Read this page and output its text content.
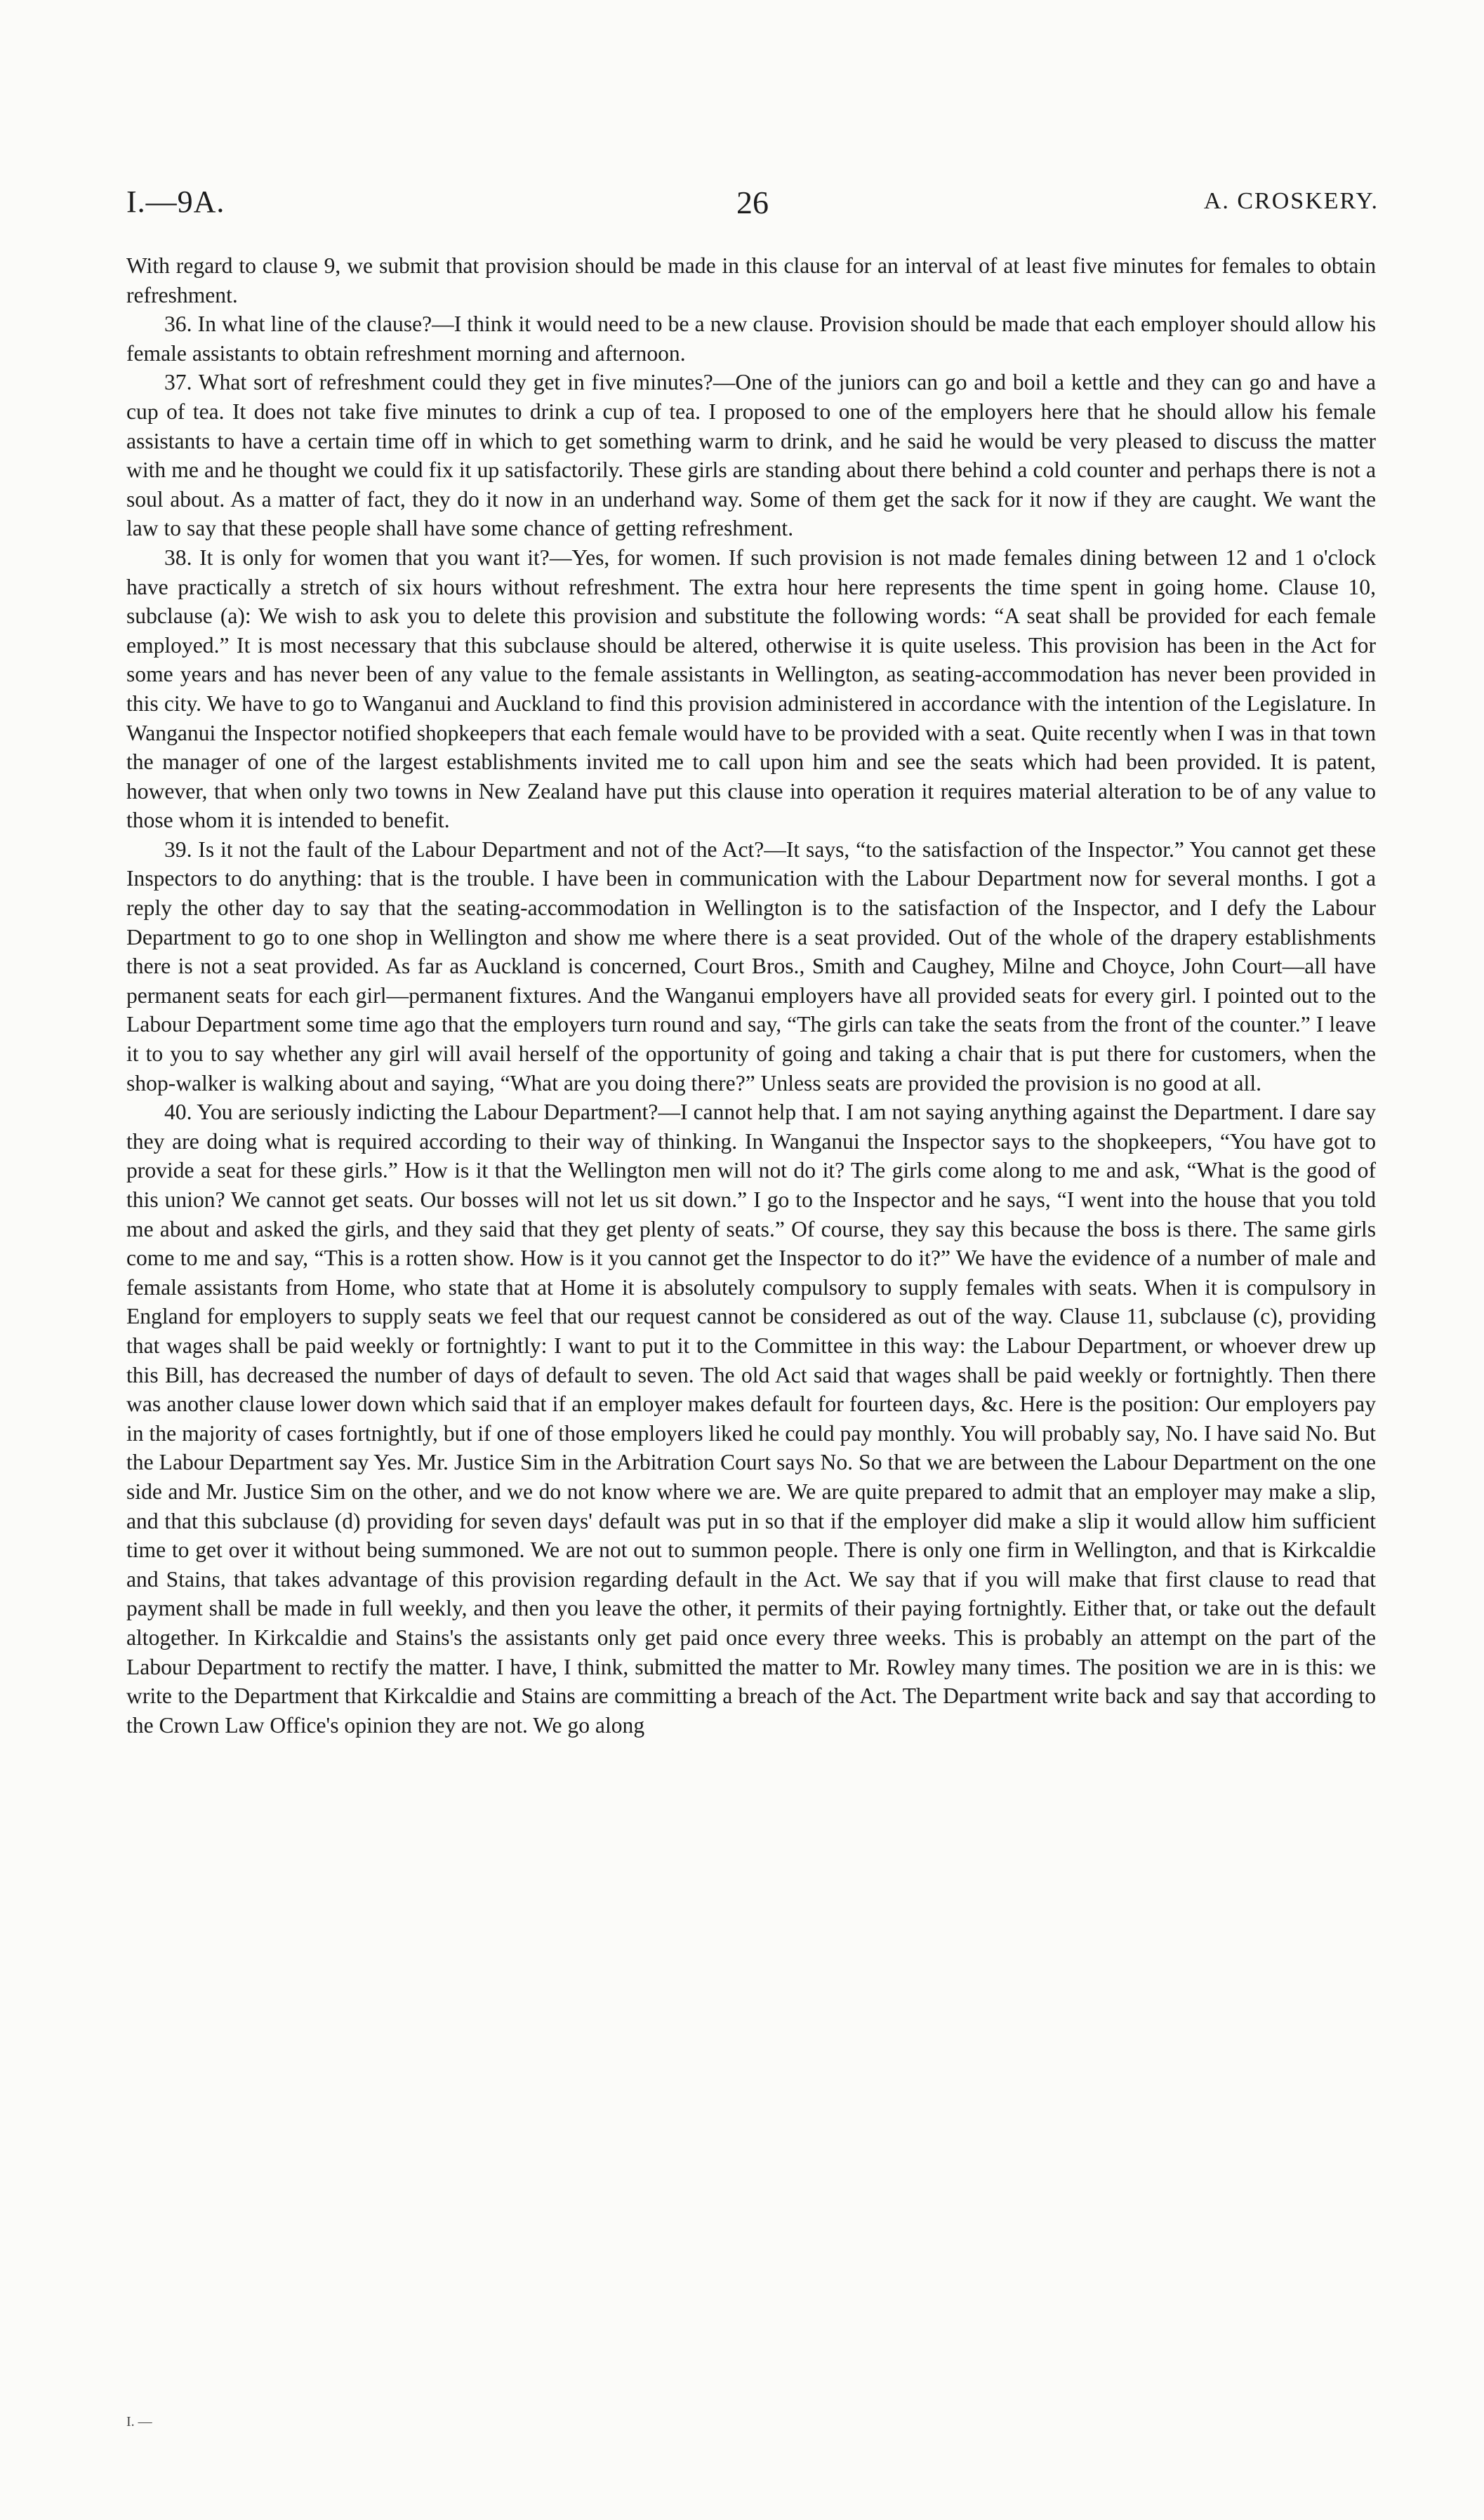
I.—9A.	26	A. CROSKERY.

With regard to clause 9, we submit that provision should be made in this clause for an interval of at least five minutes for females to obtain refreshment.

36. In what line of the clause?—I think it would need to be a new clause. Provision should be made that each employer should allow his female assistants to obtain refreshment morning and afternoon.

37. What sort of refreshment could they get in five minutes?—One of the juniors can go and boil a kettle and they can go and have a cup of tea. It does not take five minutes to drink a cup of tea. I proposed to one of the employers here that he should allow his female assistants to have a certain time off in which to get something warm to drink, and he said he would be very pleased to discuss the matter with me and he thought we could fix it up satisfactorily. These girls are standing about there behind a cold counter and perhaps there is not a soul about. As a matter of fact, they do it now in an underhand way. Some of them get the sack for it now if they are caught. We want the law to say that these people shall have some chance of getting refreshment.

38. It is only for women that you want it?—Yes, for women. If such provision is not made females dining between 12 and 1 o'clock have practically a stretch of six hours without refreshment. The extra hour here represents the time spent in going home. Clause 10, subclause (a): We wish to ask you to delete this provision and substitute the following words: “A seat shall be provided for each female employed.” It is most necessary that this subclause should be altered, otherwise it is quite useless. This provision has been in the Act for some years and has never been of any value to the female assistants in Wellington, as seating-accommodation has never been provided in this city. We have to go to Wanganui and Auckland to find this provision administered in accordance with the intention of the Legislature. In Wanganui the Inspector notified shopkeepers that each female would have to be provided with a seat. Quite recently when I was in that town the manager of one of the largest establishments invited me to call upon him and see the seats which had been provided. It is patent, however, that when only two towns in New Zealand have put this clause into operation it requires material alteration to be of any value to those whom it is intended to benefit.

39. Is it not the fault of the Labour Department and not of the Act?—It says, “to the satisfaction of the Inspector.” You cannot get these Inspectors to do anything: that is the trouble. I have been in communication with the Labour Department now for several months. I got a reply the other day to say that the seating-accommodation in Wellington is to the satisfaction of the Inspector, and I defy the Labour Department to go to one shop in Wellington and show me where there is a seat provided. Out of the whole of the drapery establishments there is not a seat provided. As far as Auckland is concerned, Court Bros., Smith and Caughey, Milne and Choyce, John Court—all have permanent seats for each girl—permanent fixtures. And the Wanganui employers have all provided seats for every girl. I pointed out to the Labour Department some time ago that the employers turn round and say, “The girls can take the seats from the front of the counter.” I leave it to you to say whether any girl will avail herself of the opportunity of going and taking a chair that is put there for customers, when the shop-walker is walking about and saying, “What are you doing there?” Unless seats are provided the provision is no good at all.

40. You are seriously indicting the Labour Department?—I cannot help that. I am not saying anything against the Department. I dare say they are doing what is required according to their way of thinking. In Wanganui the Inspector says to the shopkeepers, “You have got to provide a seat for these girls.” How is it that the Wellington men will not do it? The girls come along to me and ask, “What is the good of this union? We cannot get seats. Our bosses will not let us sit down.” I go to the Inspector and he says, “I went into the house that you told me about and asked the girls, and they said that they get plenty of seats.” Of course, they say this because the boss is there. The same girls come to me and say, “This is a rotten show. How is it you cannot get the Inspector to do it?” We have the evidence of a number of male and female assistants from Home, who state that at Home it is absolutely compulsory to supply females with seats. When it is compulsory in England for employers to supply seats we feel that our request cannot be considered as out of the way. Clause 11, subclause (c), providing that wages shall be paid weekly or fortnightly: I want to put it to the Committee in this way: the Labour Department, or whoever drew up this Bill, has decreased the number of days of default to seven. The old Act said that wages shall be paid weekly or fortnightly. Then there was another clause lower down which said that if an employer makes default for fourteen days, &c. Here is the position: Our employers pay in the majority of cases fortnightly, but if one of those employers liked he could pay monthly. You will probably say, No. I have said No. But the Labour Department say Yes. Mr. Justice Sim in the Arbitration Court says No. So that we are between the Labour Department on the one side and Mr. Justice Sim on the other, and we do not know where we are. We are quite prepared to admit that an employer may make a slip, and that this subclause (d) providing for seven days' default was put in so that if the employer did make a slip it would allow him sufficient time to get over it without being summoned. We are not out to summon people. There is only one firm in Wellington, and that is Kirkcaldie and Stains, that takes advantage of this provision regarding default in the Act. We say that if you will make that first clause to read that payment shall be made in full weekly, and then you leave the other, it permits of their paying fortnightly. Either that, or take out the default altogether. In Kirkcaldie and Stains's the assistants only get paid once every three weeks. This is probably an attempt on the part of the Labour Department to rectify the matter. I have, I think, submitted the matter to Mr. Rowley many times. The position we are in is this: we write to the Department that Kirkcaldie and Stains are committing a breach of the Act. The Department write back and say that according to the Crown Law Office's opinion they are not. We go along

I. —
